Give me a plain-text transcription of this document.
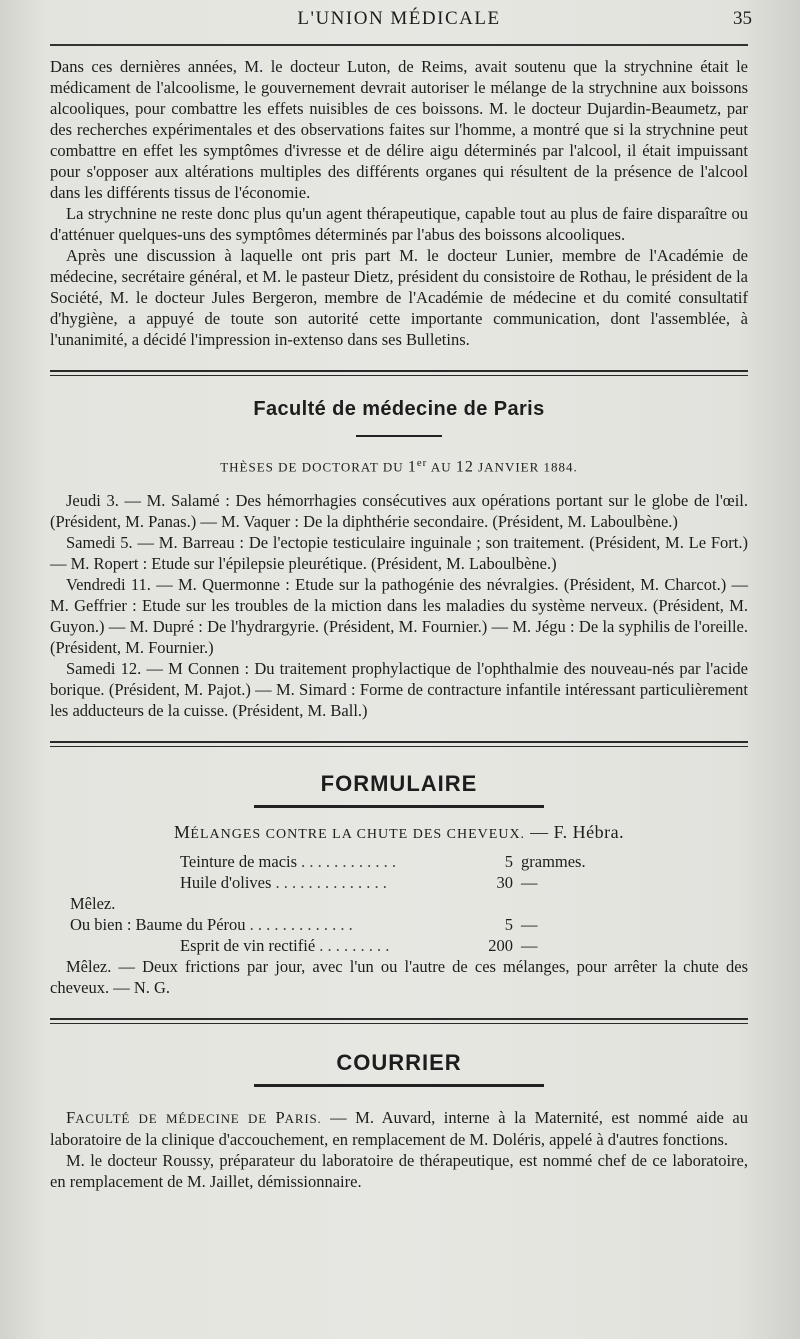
L'UNION MÉDICALE	35

Dans ces dernières années, M. le docteur Luton, de Reims, avait soutenu que la strychnine était le médicament de l'alcoolisme, le gouvernement devrait autoriser le mélange de la strychnine aux boissons alcooliques, pour combattre les effets nuisibles de ces boissons. M. le docteur Dujardin-Beaumetz, par des recherches expérimentales et des observations faites sur l'homme, a montré que si la strychnine peut combattre en effet les symptômes d'ivresse et de délire aigu déterminés par l'alcool, il était impuissant pour s'opposer aux altérations multiples des différents organes qui résultent de la présence de l'alcool dans les différents tissus de l'économie.

La strychnine ne reste donc plus qu'un agent thérapeutique, capable tout au plus de faire disparaître ou d'atténuer quelques-uns des symptômes déterminés par l'abus des boissons alcooliques.

Après une discussion à laquelle ont pris part M. le docteur Lunier, membre de l'Académie de médecine, secrétaire général, et M. le pasteur Dietz, président du consistoire de Rothau, le président de la Société, M. le docteur Jules Bergeron, membre de l'Académie de médecine et du comité consultatif d'hygiène, a appuyé de toute son autorité cette importante communication, dont l'assemblée, à l'unanimité, a décidé l'impression in-extenso dans ses Bulletins.

Faculté de médecine de Paris
THÈSES DE DOCTORAT DU 1er AU 12 JANVIER 1884.

Jeudi 3. — M. Salamé : Des hémorrhagies consécutives aux opérations portant sur le globe de l'œil. (Président, M. Panas.) — M. Vaquer : De la diphthérie secondaire. (Président, M. Laboulbène.)

Samedi 5. — M. Barreau : De l'ectopie testiculaire inguinale ; son traitement. (Président, M. Le Fort.) — M. Ropert : Etude sur l'épilepsie pleurétique. (Président, M. Laboulbène.)

Vendredi 11. — M. Quermonne : Etude sur la pathogénie des névralgies. (Président, M. Charcot.) — M. Geffrier : Etude sur les troubles de la miction dans les maladies du système nerveux. (Président, M. Guyon.) — M. Dupré : De l'hydrargyrie. (Président, M. Fournier.) — M. Jégu : De la syphilis de l'oreille. (Président, M. Fournier.)

Samedi 12. — M Connen : Du traitement prophylactique de l'ophthalmie des nouveau-nés par l'acide borique. (Président, M. Pajot.) — M. Simard : Forme de contracture infantile intéressant particulièrement les adducteurs de la cuisse. (Président, M. Ball.)

FORMULAIRE
MÉLANGES CONTRE LA CHUTE DES CHEVEUX. — F. Hébra.
	Teinture de macis . . . . . . . . . . . .	5	grammes.
	Huile d'olives . . . . . . . . . . . . . .	30	—
Mêlez.			
Ou bien : Baume du Pérou . . . . . . . . . . . . .		5	—
	Esprit de vin rectifié . . . . . . . . .	200	—

Mêlez. — Deux frictions par jour, avec l'un ou l'autre de ces mélanges, pour arrêter la chute des cheveux. — N. G.

COURRIER

FACULTÉ DE MÉDECINE DE PARIS. — M. Auvard, interne à la Maternité, est nommé aide au laboratoire de la clinique d'accouchement, en remplacement de M. Doléris, appelé à d'autres fonctions.

M. le docteur Roussy, préparateur du laboratoire de thérapeutique, est nommé chef de ce laboratoire, en remplacement de M. Jaillet, démissionnaire.
